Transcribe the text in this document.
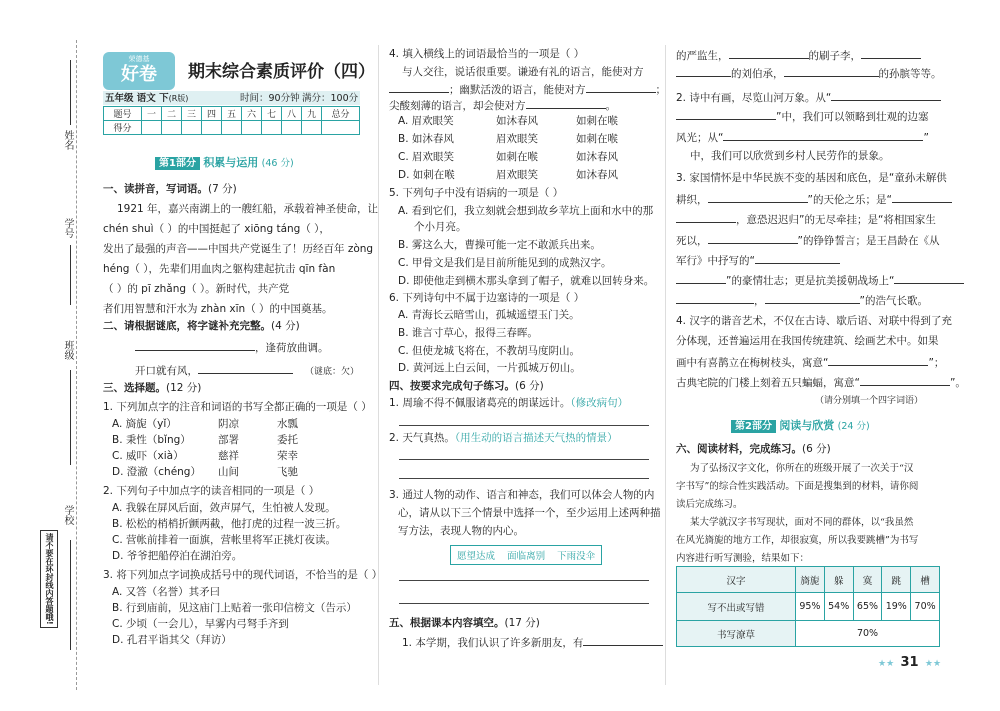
姓名
学号
班级
学校
请不要在环封线内答题哦!
荣德基
好卷	期末综合素质评价（四）
五年级 语文 下(R版)	时间：90分钟 满分：100分
题号	一	二	三	四	五	六	七	八	九	总分
得分										
第1部分 积累与运用 (46 分)
一、读拼音，写词语。(7 分)
1921 年，嘉兴南湖上的一艘红船，承载着神圣使命，让
chén shuì（ ）的中国挺起了 xiōng táng（ ），
发出了最强的声音——中国共产党诞生了！历经百年 zòng
héng（ ），先辈们用血肉之躯构建起抗击 qīn fàn
（ ）的 pī zhǎng（ ）。新时代，共产党
者们用智慧和汗水为 zhàn xīn（ ）的中国奠基。
二、请根据谜底，将字谜补充完整。(4 分)
，逢荷放曲调。
开口就有风，	（谜底：欠）
三、选择题。(12 分)
1. 下列加点字的注音和词语的书写全都正确的一项是（ ）
A. 旖旎（yǐ）	阴凉	水瓢
B. 秉性（bǐng）	部署	委托
C. 威吓（xià）	慈祥	荣幸
D. 澄澈（chéng） 山间	飞驰
2. 下列句子中加点字的读音相同的一项是（ ）
A. 我躲在屏风后面，敛声屏气，生怕被人发现。
B. 松松的梢梢折颤两截，他打虎的过程一波三折。
C. 营帐前排着一面旗，营帐里将军正挑灯夜读。
D. 爷爷把船停泊在湖泊旁。
3. 将下列加点字词换成括号中的现代词语，不恰当的是（ ）
A. 又答（名誉）其矛曰
B. 行到庙前，见这庙门上贴着一张印信榜文（告示）
C. 少顷（一会儿），早雾内弓弩手齐到
D. 孔君平诣其父（拜访）
4. 填入横线上的词语最恰当的一项是（ ）
与人交往，说话很重要。谦逊有礼的语言，能使对方
；幽默活泼的语言，能使对方	；
尖酸刻薄的语言，却会使对方	。
A. 眉欢眼笑	如沐春风	如刺在喉
B. 如沐春风	眉欢眼笑	如刺在喉
C. 眉欢眼笑	如刺在喉	如沐春风
D. 如刺在喉	眉欢眼笑	如沐春风
5. 下列句子中没有语病的一项是（ ）
A. 看到它们，我立刻就会想到故乡苹坑上面和水中的那
个小月亮。
B. 雾这么大，曹操可能一定不敢派兵出来。
C. 甲骨文是我们是目前所能见到的成熟汉字。
D. 即使他走到横木那头拿到了帽子，就难以回转身来。
6. 下列诗句中不属于边塞诗的一项是（ ）
A. 青海长云暗雪山，孤城遥望玉门关。
B. 谁言寸草心，报得三春晖。
C. 但使龙城飞将在，不教胡马度阴山。
D. 黄河远上白云间，一片孤城万仞山。
四、按要求完成句子练习。(6 分)
1. 周瑜不得不佩服诸葛亮的朗谋远计。（修改病句）
2. 天气真热。（用生动的语言描述天气热的情景）
3. 通过人物的动作、语言和神态，我们可以体会人物的内
心，请从以下三个情景中选择一个，至少运用上述两种描
写方法，表现人物的内心。
愿望达成    面临离别    下雨没伞
五、根据课本内容填空。(17 分)
1. 本学期，我们认识了许多新朋友，有
的严监生，	的刷子李，
的刘伯承，	的孙膑等等。
2. 诗中有画，尽览山河万象。从“
”中，我们可以领略到壮观的边塞
风光；从“	”
中，我们可以欣赏到乡村人民劳作的景象。
3. 家国情怀是中华民族不变的基因和底色，是“童孙未解供
耕织，	”的天伦之乐；是“
，意恐迟迟归”的无尽牵挂；是“将相国家生
死以，	”的铮铮誓言；是王昌龄在《从
军行》中抒写的“
”的豪情壮志；更是抗美援朝战场上“
，	”的浩气长歌。
4. 汉字的谐音艺术，不仅在古诗、歇后语、对联中得到了充
分体现，还普遍运用在我国传统建筑、绘画艺术中。如果
画中有喜鹊立在梅树枝头，寓意“	”；
古典宅院的门楼上刻着五只蝙蝠，寓意“	”。
（请分别填一个四字词语）
第2部分 阅读与欣赏 (24 分)
六、阅读材料，完成练习。(6 分)
为了弘扬汉字文化，你所在的班级开展了一次关于“汉
字书写”的综合性实践活动。下面是搜集到的材料，请你阅
读后完成练习。
某大学就汉字书写现状，面对不同的群体，以“我虽然
在风光旖旎的地方工作，却很寂寞，所以我要跳槽”为书写
内容进行听写测验，结果如下：
汉字	旖旎	躲	寞	跳	槽
写不出或写错	95%	54%	65%	19%	70%
书写潦草	70%				
★★ 31 ★★
